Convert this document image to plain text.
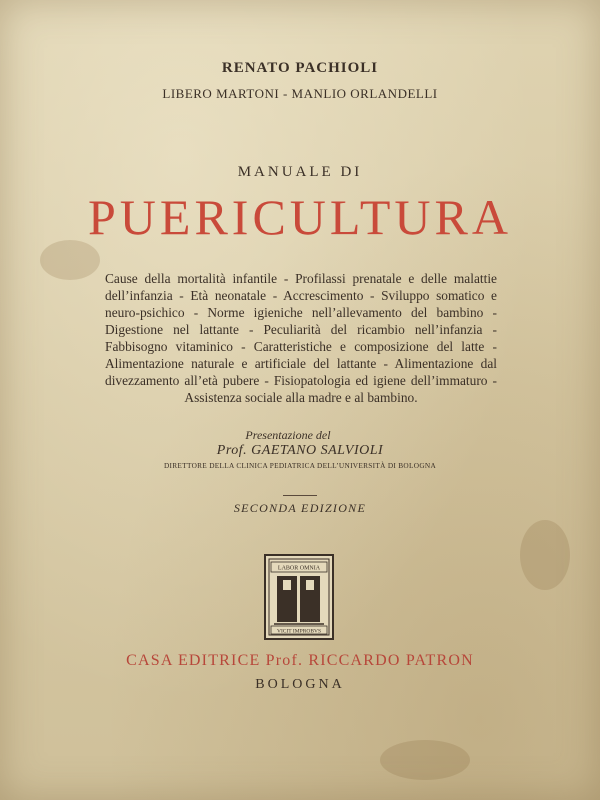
RENATO PACHIOLI
LIBERO MARTONI - MANLIO ORLANDELLI
MANUALE DI
PUERICULTURA
Cause della mortalità infantile - Profilassi prenatale e delle malattie dell’infanzia - Età neonatale - Accrescimento - Sviluppo somatico e neuro-psichico - Norme igieniche nell’allevamento del bambino - Digestione nel lattante - Peculiarità del ricambio nell’infanzia - Fabbisogno vitaminico - Caratteristiche e composizione del latte - Alimentazione naturale e artificiale del lattante - Alimentazione dal divezzamento all’età pubere - Fisiopatologia ed igiene dell’immaturo - Assistenza sociale alla madre e al bambino.
Presentazione del
Prof. GAETANO SALVIOLI
DIRETTORE DELLA CLINICA PEDIATRICA DELL’UNIVERSITÀ DI BOLOGNA
SECONDA EDIZIONE
LABOR OMNIA
VICIT IMPROBVS
CASA EDITRICE Prof. RICCARDO PATRON
BOLOGNA
